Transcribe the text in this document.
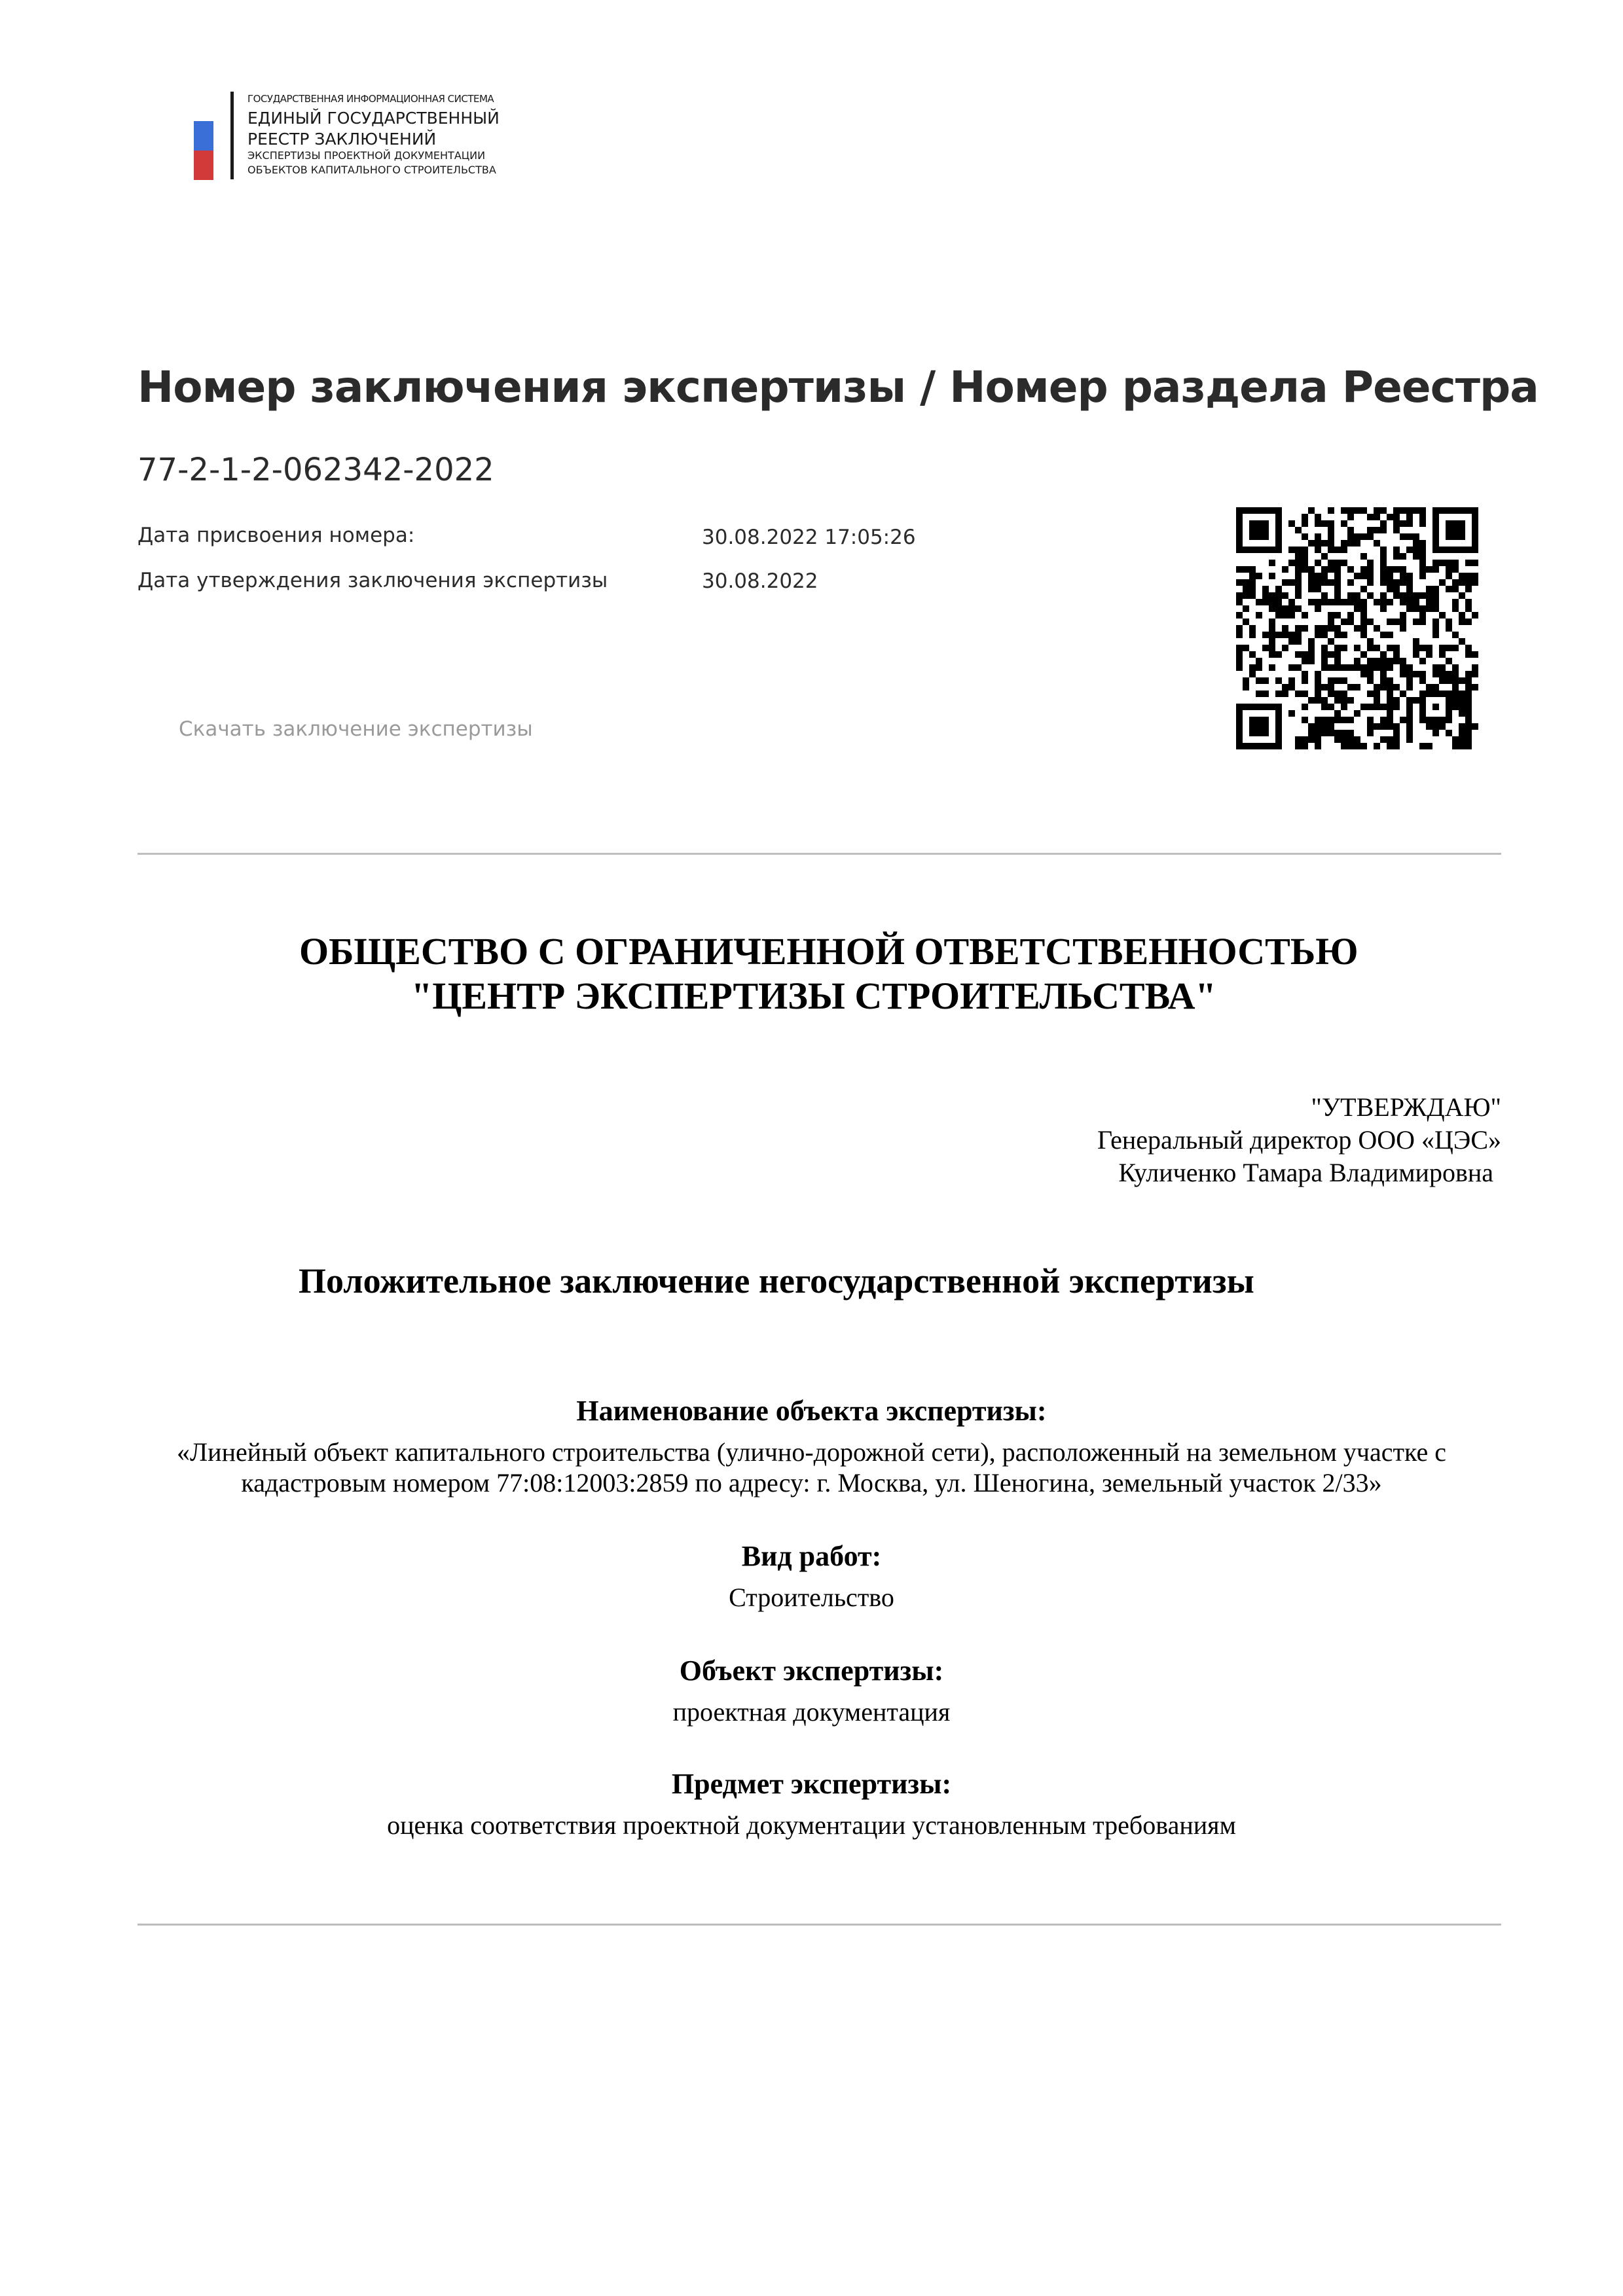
ГОСУДАРСТВЕННАЯ ИНФОРМАЦИОННАЯ СИСТЕМА
ЕДИНЫЙ ГОСУДАРСТВЕННЫЙ
РЕЕСТР ЗАКЛЮЧЕНИЙ
ЭКСПЕРТИЗЫ ПРОЕКТНОЙ ДОКУМЕНТАЦИИ
ОБЪЕКТОВ КАПИТАЛЬНОГО СТРОИТЕЛЬСТВА
Номер заключения экспертизы / Номер раздела Реестра
77-2-1-2-062342-2022
Дата присвоения номера:	30.08.2022 17:05:26
Дата утверждения заключения экспертизы	30.08.2022
Скачать заключение экспертизы
ОБЩЕСТВО С ОГРАНИЧЕННОЙ ОТВЕТСТВЕННОСТЬЮ
"ЦЕНТР ЭКСПЕРТИЗЫ СТРОИТЕЛЬСТВА"
"УТВЕРЖДАЮ"
Генеральный директор ООО «ЦЭС»
Куличенко Тамара Владимировна
Положительное заключение негосударственной экспертизы
Наименование объекта экспертизы:
«Линейный объект капитального строительства (улично-дорожной сети), расположенный на земельном участке с
кадастровым номером 77:08:12003:2859 по адресу: г. Москва, ул. Шеногина, земельный участок 2/33»
Вид работ:
Строительство
Объект экспертизы:
проектная документация
Предмет экспертизы:
оценка соответствия проектной документации установленным требованиям
